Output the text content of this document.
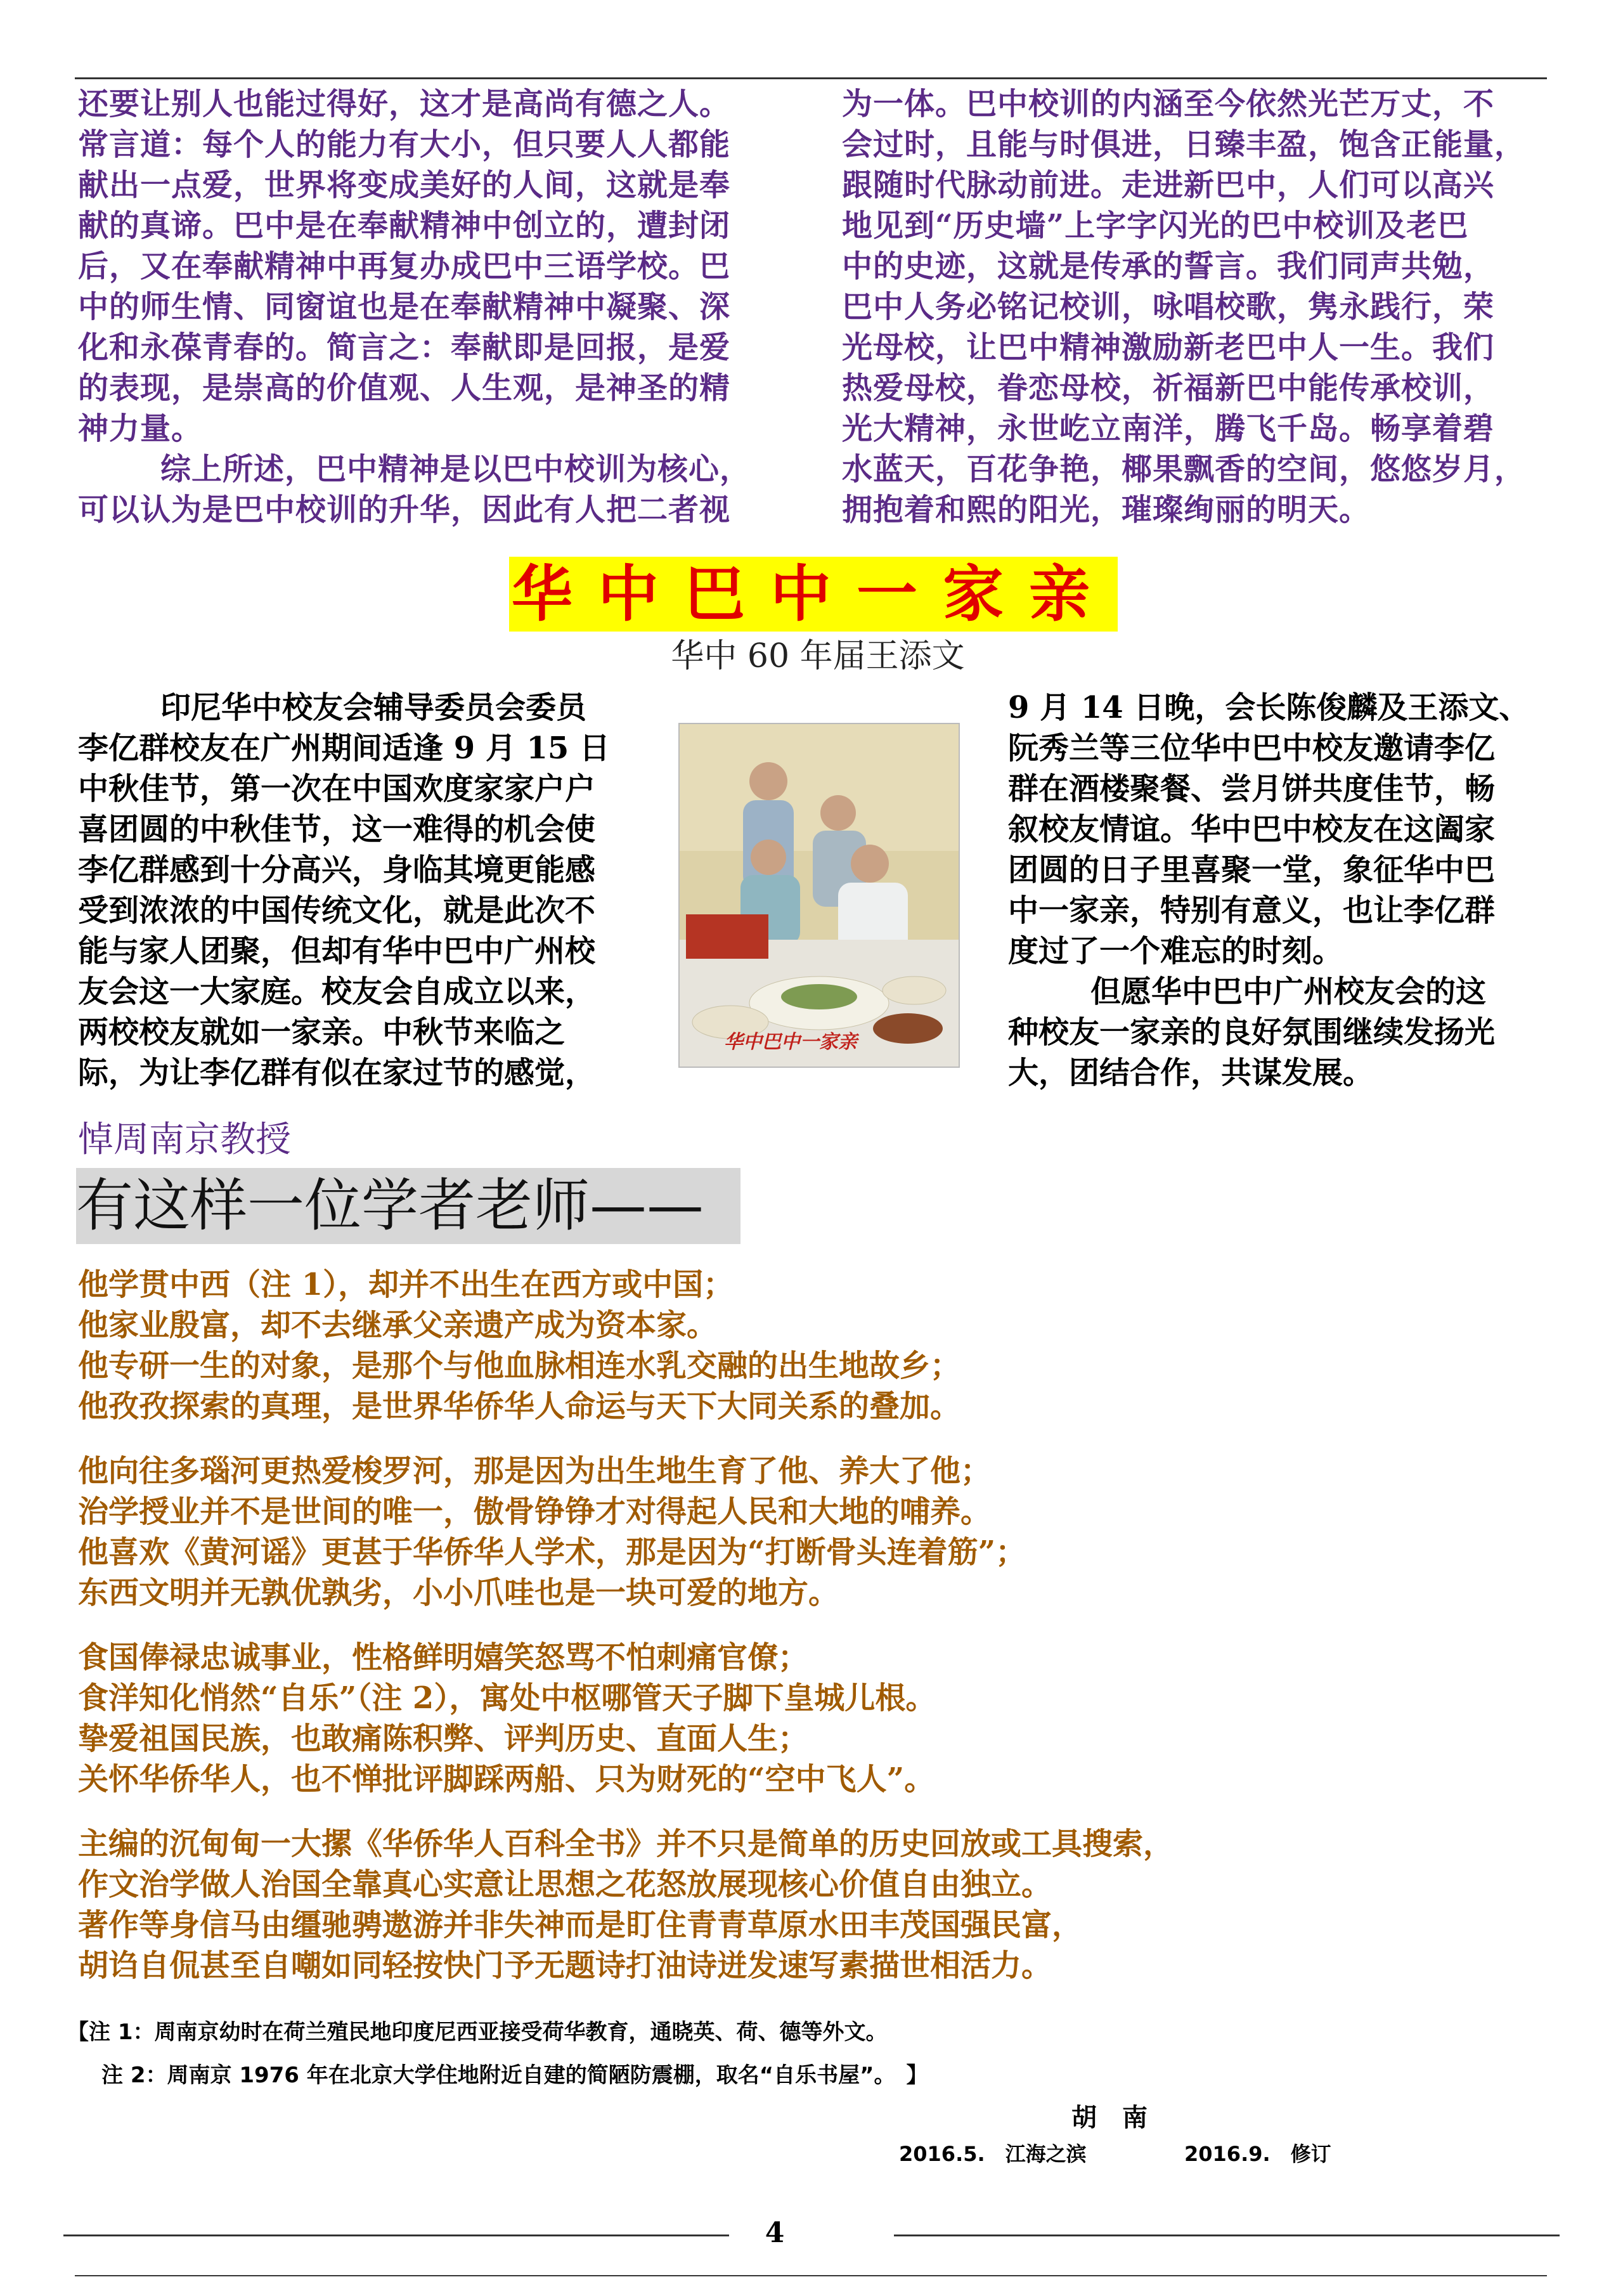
还要让别人也能过得好，这才是高尚有德之人。

常言道：每个人的能力有大小，但只要人人都能

献出一点爱，世界将变成美好的人间，这就是奉

献的真谛。巴中是在奉献精神中创立的，遭封闭

后，又在奉献精神中再复办成巴中三语学校。巴

中的师生情、同窗谊也是在奉献精神中凝聚、深

化和永葆青春的。简言之：奉献即是回报，是爱

的表现，是崇高的价值观、人生观，是神圣的精

神力量。

综上所述，巴中精神是以巴中校训为核心，

可以认为是巴中校训的升华，因此有人把二者视

为一体。巴中校训的内涵至今依然光芒万丈，不

会过时，且能与时俱进，日臻丰盈，饱含正能量，

跟随时代脉动前进。走进新巴中，人们可以高兴

地见到“历史墙”上字字闪光的巴中校训及老巴

中的史迹，这就是传承的誓言。我们同声共勉，

巴中人务必铭记校训，咏唱校歌，隽永践行，荣

光母校，让巴中精神激励新老巴中人一生。我们

热爱母校，眷恋母校，祈福新巴中能传承校训，

光大精神，永世屹立南洋，腾飞千岛。畅享着碧

水蓝天，百花争艳，椰果飘香的空间，悠悠岁月，

拥抱着和熙的阳光，璀璨绚丽的明天。

华中巴中一家亲
华中 60 年届王添文

印尼华中校友会辅导委员会委员

李亿群校友在广州期间适逢 9 月 15 日

中秋佳节，第一次在中国欢度家家户户

喜团圆的中秋佳节，这一难得的机会使

李亿群感到十分高兴，身临其境更能感

受到浓浓的中国传统文化，就是此次不

能与家人团聚，但却有华中巴中广州校

友会这一大家庭。校友会自成立以来，

两校校友就如一家亲。中秋节来临之

际，为让李亿群有似在家过节的感觉，

华中巴中一家亲

9 月 14 日晚，会长陈俊麟及王添文、

阮秀兰等三位华中巴中校友邀请李亿

群在酒楼聚餐、尝月饼共度佳节，畅

叙校友情谊。华中巴中校友在这阖家

团圆的日子里喜聚一堂，象征华中巴

中一家亲，特别有意义，也让李亿群

度过了一个难忘的时刻。

但愿华中巴中广州校友会的这

种校友一家亲的良好氛围继续发扬光

大，团结合作，共谋发展。

悼周南京教授
有这样一位学者老师——

他学贯中西（注 1），却并不出生在西方或中国；

他家业殷富，却不去继承父亲遗产成为资本家。

他专研一生的对象，是那个与他血脉相连水乳交融的出生地故乡；

他孜孜探索的真理，是世界华侨华人命运与天下大同关系的叠加。

他向往多瑙河更热爱梭罗河，那是因为出生地生育了他、养大了他；

治学授业并不是世间的唯一，傲骨铮铮才对得起人民和大地的哺养。

他喜欢《黄河谣》更甚于华侨华人学术，那是因为“打断骨头连着筋”；

东西文明并无孰优孰劣，小小爪哇也是一块可爱的地方。

食国俸禄忠诚事业，性格鲜明嬉笑怒骂不怕刺痛官僚；

食洋知化悄然“自乐”（注 2），寓处中枢哪管天子脚下皇城儿根。

挚爱祖国民族，也敢痛陈积弊、评判历史、直面人生；

关怀华侨华人，也不惮批评脚踩两船、只为财死的“空中飞人”。

主编的沉甸甸一大摞《华侨华人百科全书》并不只是简单的历史回放或工具搜索，

作文治学做人治国全靠真心实意让思想之花怒放展现核心价值自由独立。

著作等身信马由缰驰骋遨游并非失神而是盯住青青草原水田丰茂国强民富，

胡诌自侃甚至自嘲如同轻按快门予无题诗打油诗迸发速写素描世相活力。

【注 1：周南京幼时在荷兰殖民地印度尼西亚接受荷华教育，通晓英、荷、德等外文。
注 2：周南京 1976 年在北京大学住地附近自建的简陋防震棚，取名“自乐书屋”。　】
胡　南
2016.5.　江海之滨	2016.9.　修订
4
